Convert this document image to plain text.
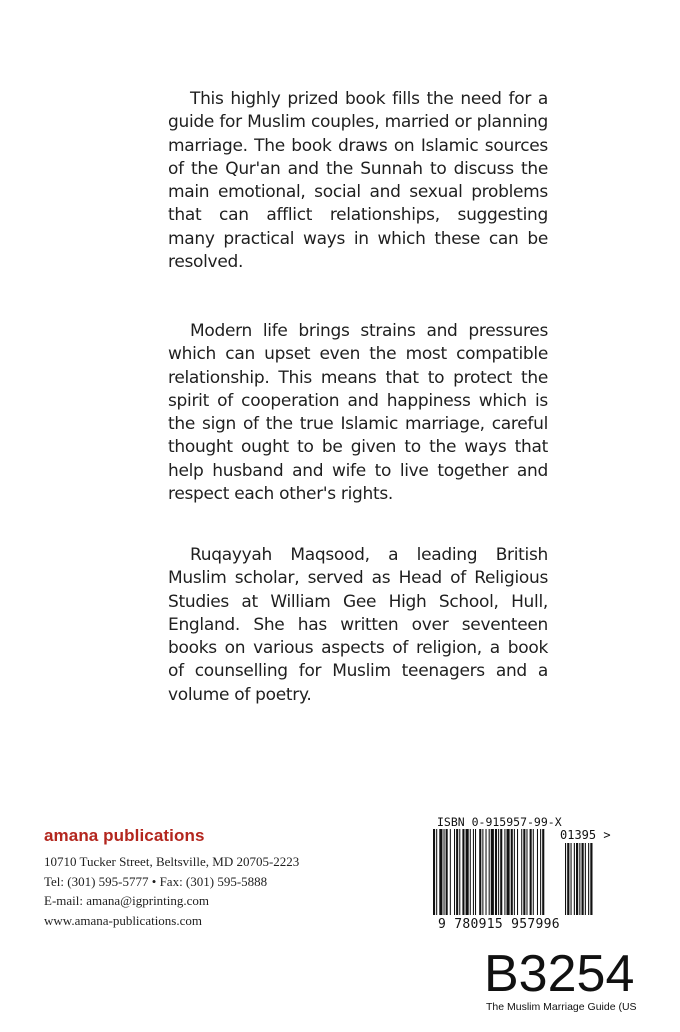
This highly prized book fills the need for a guide for Muslim couples, married or planning marriage. The book draws on Islamic sources of the Qur'an and the Sunnah to discuss the main emotional, social and sexual problems that can afflict relationships, suggesting many practical ways in which these can be resolved.

Modern life brings strains and pressures which can upset even the most compatible relationship. This means that to protect the spirit of cooperation and happiness which is the sign of the true Islamic marriage, careful thought ought to be given to the ways that help husband and wife to live together and respect each other's rights.

Ruqayyah Maqsood, a leading British Muslim scholar, served as Head of Religious Studies at William Gee High School, Hull, England. She has written over seventeen books on various aspects of religion, a book of counselling for Muslim teenagers and a volume of poetry.

amana publications
10710 Tucker Street, Beltsville, MD 20705-2223
Tel: (301) 595-5777 • Fax: (301) 595-5888
E-mail: amana@igprinting.com
www.amana-publications.com
ISBN 0-915957-99-X
01395 >
9 780915 957996
B3254
The Muslim Marriage Guide (US
